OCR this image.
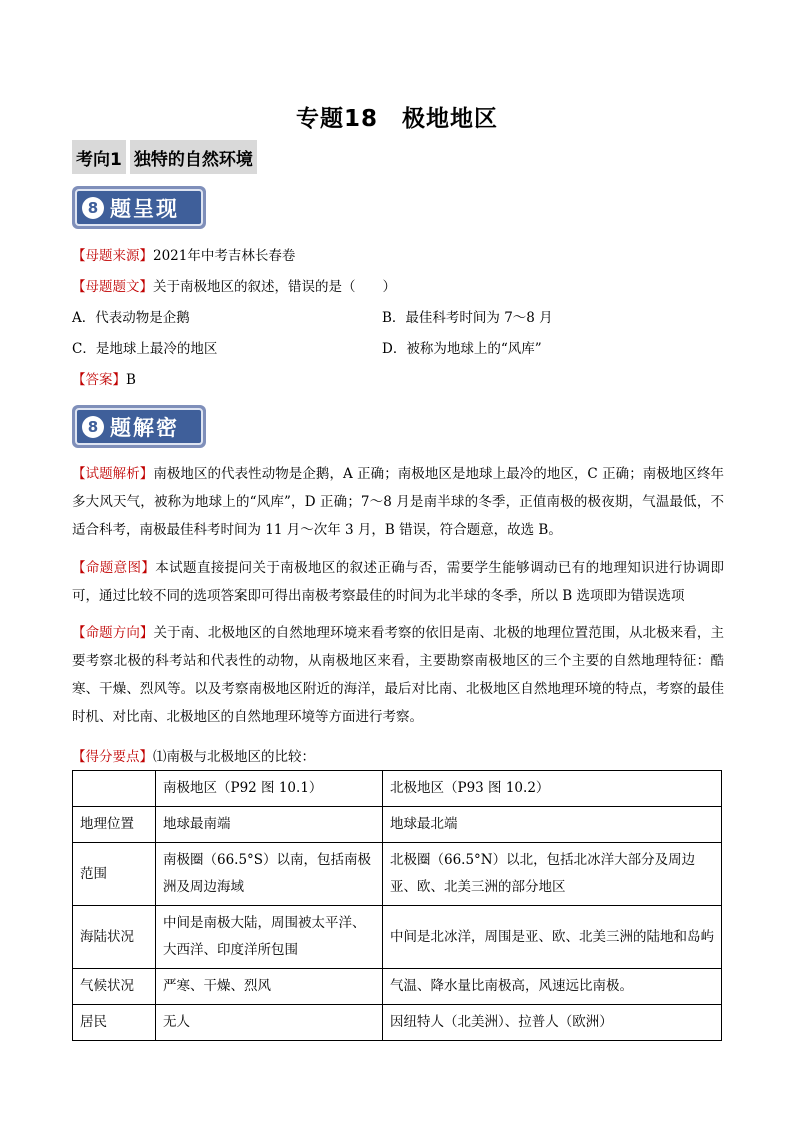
专题18　极地地区
考向1 独特的自然环境
8 题呈现
【母题来源】2021年中考吉林长春卷
【母题题文】关于南极地区的叙述，错误的是（　　）
A．代表动物是企鹅	B．最佳科考时间为 7～8 月
C．是地球上最冷的地区	D．被称为地球上的“风库”
【答案】B
8 题解密

【试题解析】南极地区的代表性动物是企鹅，A 正确；南极地区是地球上最冷的地区，C 正确；南极地区终年多大风天气，被称为地球上的“风库”，D 正确；7～8 月是南半球的冬季，正值南极的极夜期，气温最低，不适合科考，南极最佳科考时间为 11 月～次年 3 月，B 错误，符合题意，故选 B。

【命题意图】本试题直接提问关于南极地区的叙述正确与否，需要学生能够调动已有的地理知识进行协调即可，通过比较不同的选项答案即可得出南极考察最佳的时间为北半球的冬季，所以 B 选项即为错误选项

【命题方向】关于南、北极地区的自然地理环境来看考察的依旧是南、北极的地理位置范围，从北极来看，主要考察北极的科考站和代表性的动物，从南极地区来看，主要勘察南极地区的三个主要的自然地理特征：酷寒、干燥、烈风等。以及考察南极地区附近的海洋，最后对比南、北极地区自然地理环境的特点，考察的最佳时机、对比南、北极地区的自然地理环境等方面进行考察。

【得分要点】⑴南极与北极地区的比较：
	南极地区（P92 图 10.1）	北极地区（P93 图 10.2）
地理位置	地球最南端	地球最北端
范围	南极圈（66.5°S）以南，包括南极洲及周边海域	北极圈（66.5°N）以北，包括北冰洋大部分及周边亚、欧、北美三洲的部分地区
海陆状况	中间是南极大陆，周围被太平洋、大西洋、印度洋所包围	中间是北冰洋，周围是亚、欧、北美三洲的陆地和岛屿
气候状况	严寒、干燥、烈风	气温、降水量比南极高，风速远比南极。
居民	无人	因纽特人（北美洲）、拉普人（欧洲）
